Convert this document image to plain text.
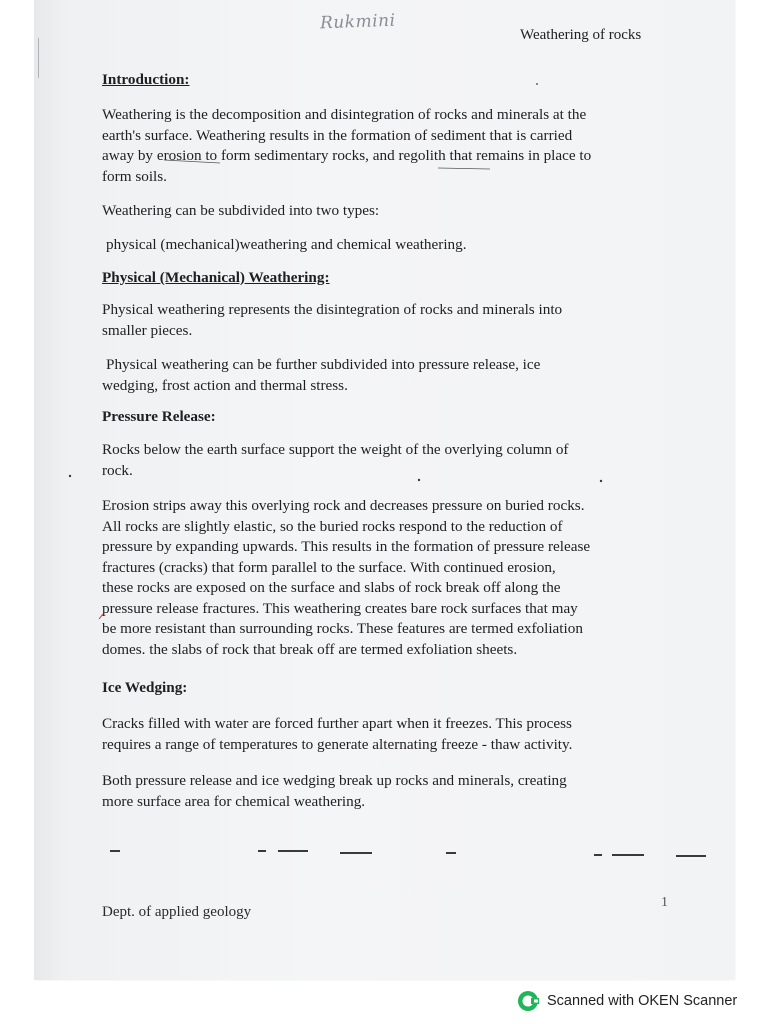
Rukmini
Weathering of rocks
Introduction:
Weathering is the decomposition and disintegration of rocks and minerals at the
earth's surface. Weathering results in the formation of sediment that is carried
away by erosion to form sedimentary rocks, and regolith that remains in place to
form soils.
Weathering can be subdivided into two types:
physical (mechanical)weathering and chemical weathering.
Physical (Mechanical) Weathering:
Physical weathering represents the disintegration of rocks and minerals into
smaller pieces.
Physical weathering can be further subdivided into pressure release, ice
wedging, frost action and thermal stress.
Pressure Release:
Rocks below the earth surface support the weight of the overlying column of
rock.
Erosion strips away this overlying rock and decreases pressure on buried rocks.
All rocks are slightly elastic, so the buried rocks respond to the reduction of
pressure by expanding upwards. This results in the formation of pressure release
fractures (cracks) that form parallel to the surface. With continued erosion,
these rocks are exposed on the surface and slabs of rock break off along the
pressure release fractures. This weathering creates bare rock surfaces that may
be more resistant than surrounding rocks. These features are termed exfoliation
domes. the slabs of rock that break off are termed exfoliation sheets.
Ice Wedging:
Cracks filled with water are forced further apart when it freezes. This process
requires a range of temperatures to generate alternating freeze - thaw activity.
Both pressure release and ice wedging break up rocks and minerals, creating
more surface area for chemical weathering.
Dept. of applied geology
1
Scanned with OKEN Scanner
